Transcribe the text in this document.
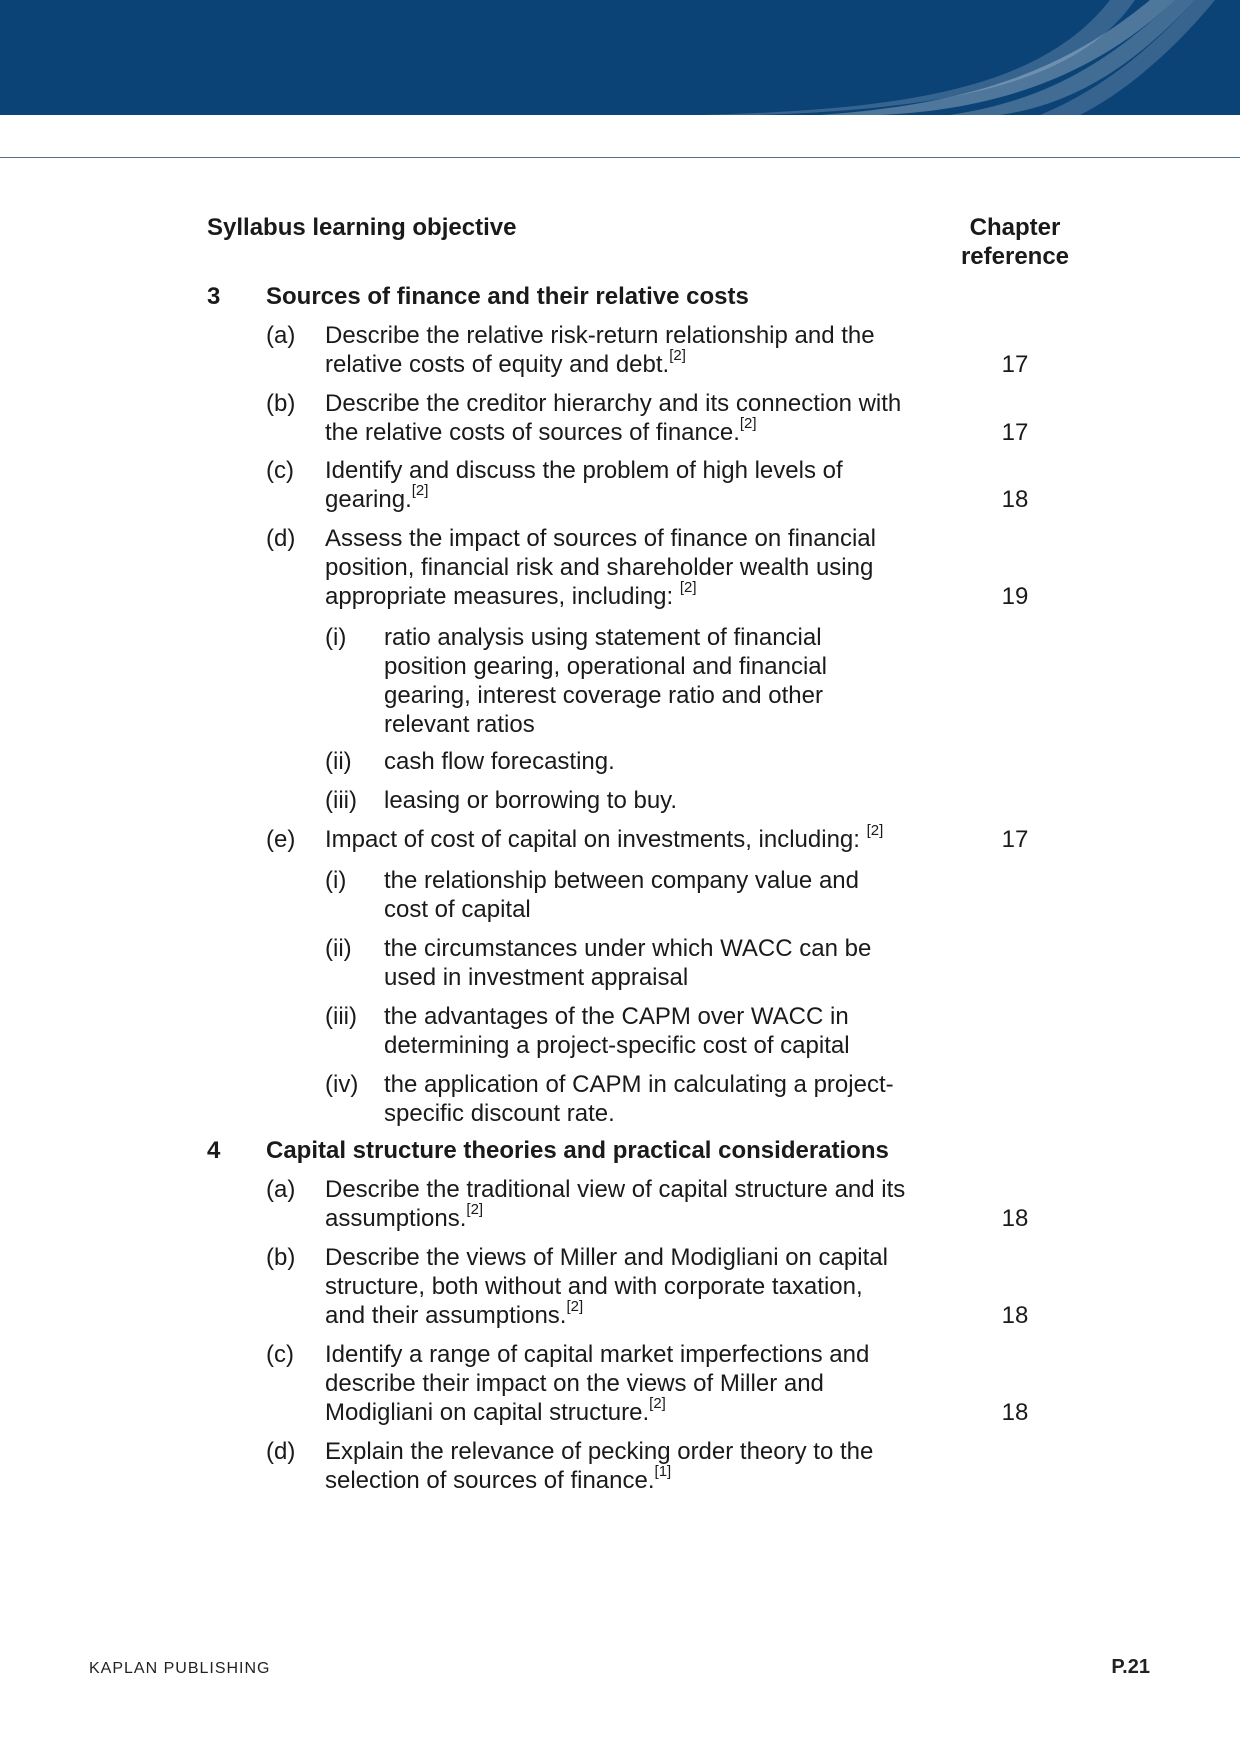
Syllabus learning objective	Chapter
reference
3 Sources of finance and their relative costs
(a) Describe the relative risk-return relationship and the
relative costs of equity and debt.[2]	17
(b) Describe the creditor hierarchy and its connection with
the relative costs of sources of finance.[2]	17
(c) Identify and discuss the problem of high levels of
gearing.[2]	18
(d) Assess the impact of sources of finance on financial
position, financial risk and shareholder wealth using
appropriate measures, including: [2]	19
(i) ratio analysis using statement of financial
position gearing, operational and financial
gearing, interest coverage ratio and other
relevant ratios
(ii) cash flow forecasting.
(iii) leasing or borrowing to buy.
(e) Impact of cost of capital on investments, including: [2]	17
(i) the relationship between company value and
cost of capital
(ii) the circumstances under which WACC can be
used in investment appraisal
(iii) the advantages of the CAPM over WACC in
determining a project-specific cost of capital
(iv) the application of CAPM in calculating a project-
specific discount rate.
4 Capital structure theories and practical considerations
(a) Describe the traditional view of capital structure and its
assumptions.[2]	18
(b) Describe the views of Miller and Modigliani on capital
structure, both without and with corporate taxation,
and their assumptions.[2]	18
(c) Identify a range of capital market imperfections and
describe their impact on the views of Miller and
Modigliani on capital structure.[2]	18
(d) Explain the relevance of pecking order theory to the
selection of sources of finance.[1]
KAPLAN PUBLISHING	P.21
